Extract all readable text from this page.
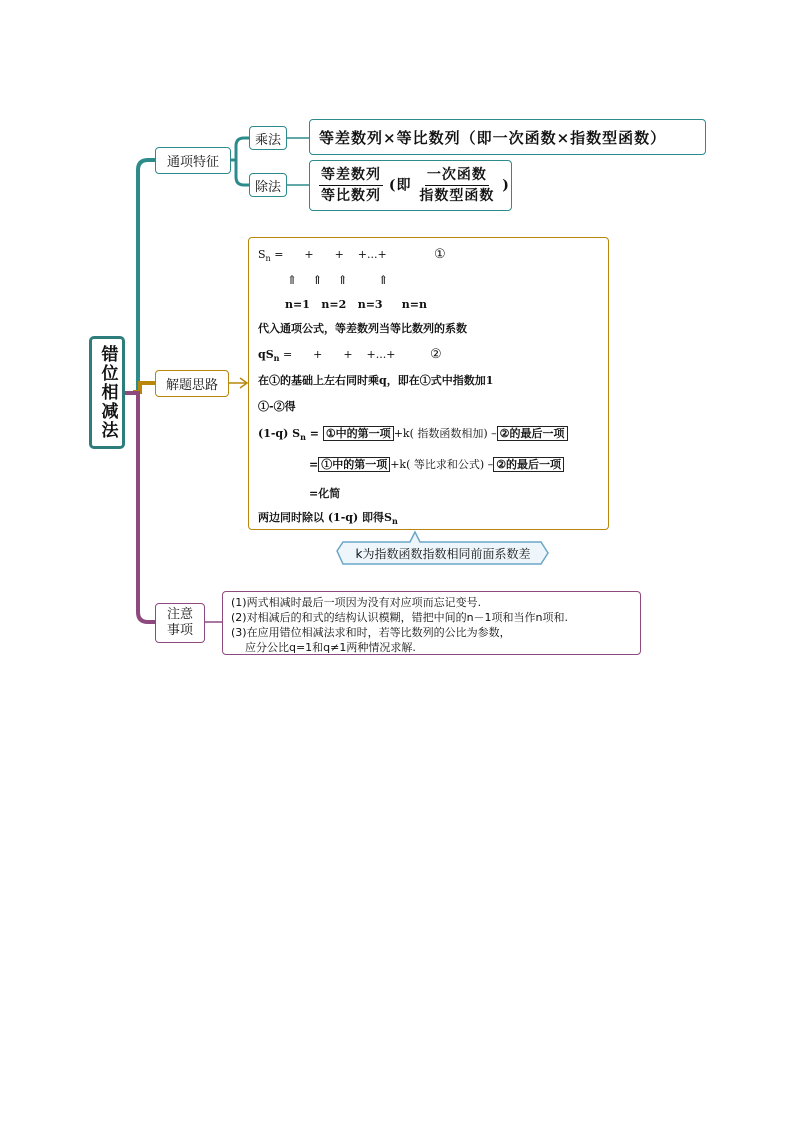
错位相减法
通项特征
乘法
除法
等差数列×等比数列（即一次函数×指数型函数）
$\frac{\text{等差数列}}{\text{等比数列}}$ (即 $\frac{\text{一次函数}}{\text{指数型函数}}$ )
解题思路
$S_n$ =      +      +    +...+	①
⇑    ⇑    ⇑        ⇑
n=1   n=2   n=3     n=n
代入通项公式，等差数列当等比数列的系数
$qS_n$ =      +      +    +...+	②
在①的基础上左右同时乘q，即在①式中指数加1
①-②得
(1-q) $S_n$ = ①中的第一项 +k( 指数函数相加) – ②的最后一项
= ①中的第一项 +k( 等比求和公式) – ②的最后一项
=化简
两边同时除以 (1-q) 即得$S_n$
k为指数函数指数相同前面系数差
注意
事项
(1)两式相减时最后一项因为没有对应项而忘记变号.
(2)对相减后的和式的结构认识模糊，错把中间的n－1项和当作n项和.
(3)在应用错位相减法求和时，若等比数列的公比为参数，
应分公比q=1和q≠1两种情况求解.
